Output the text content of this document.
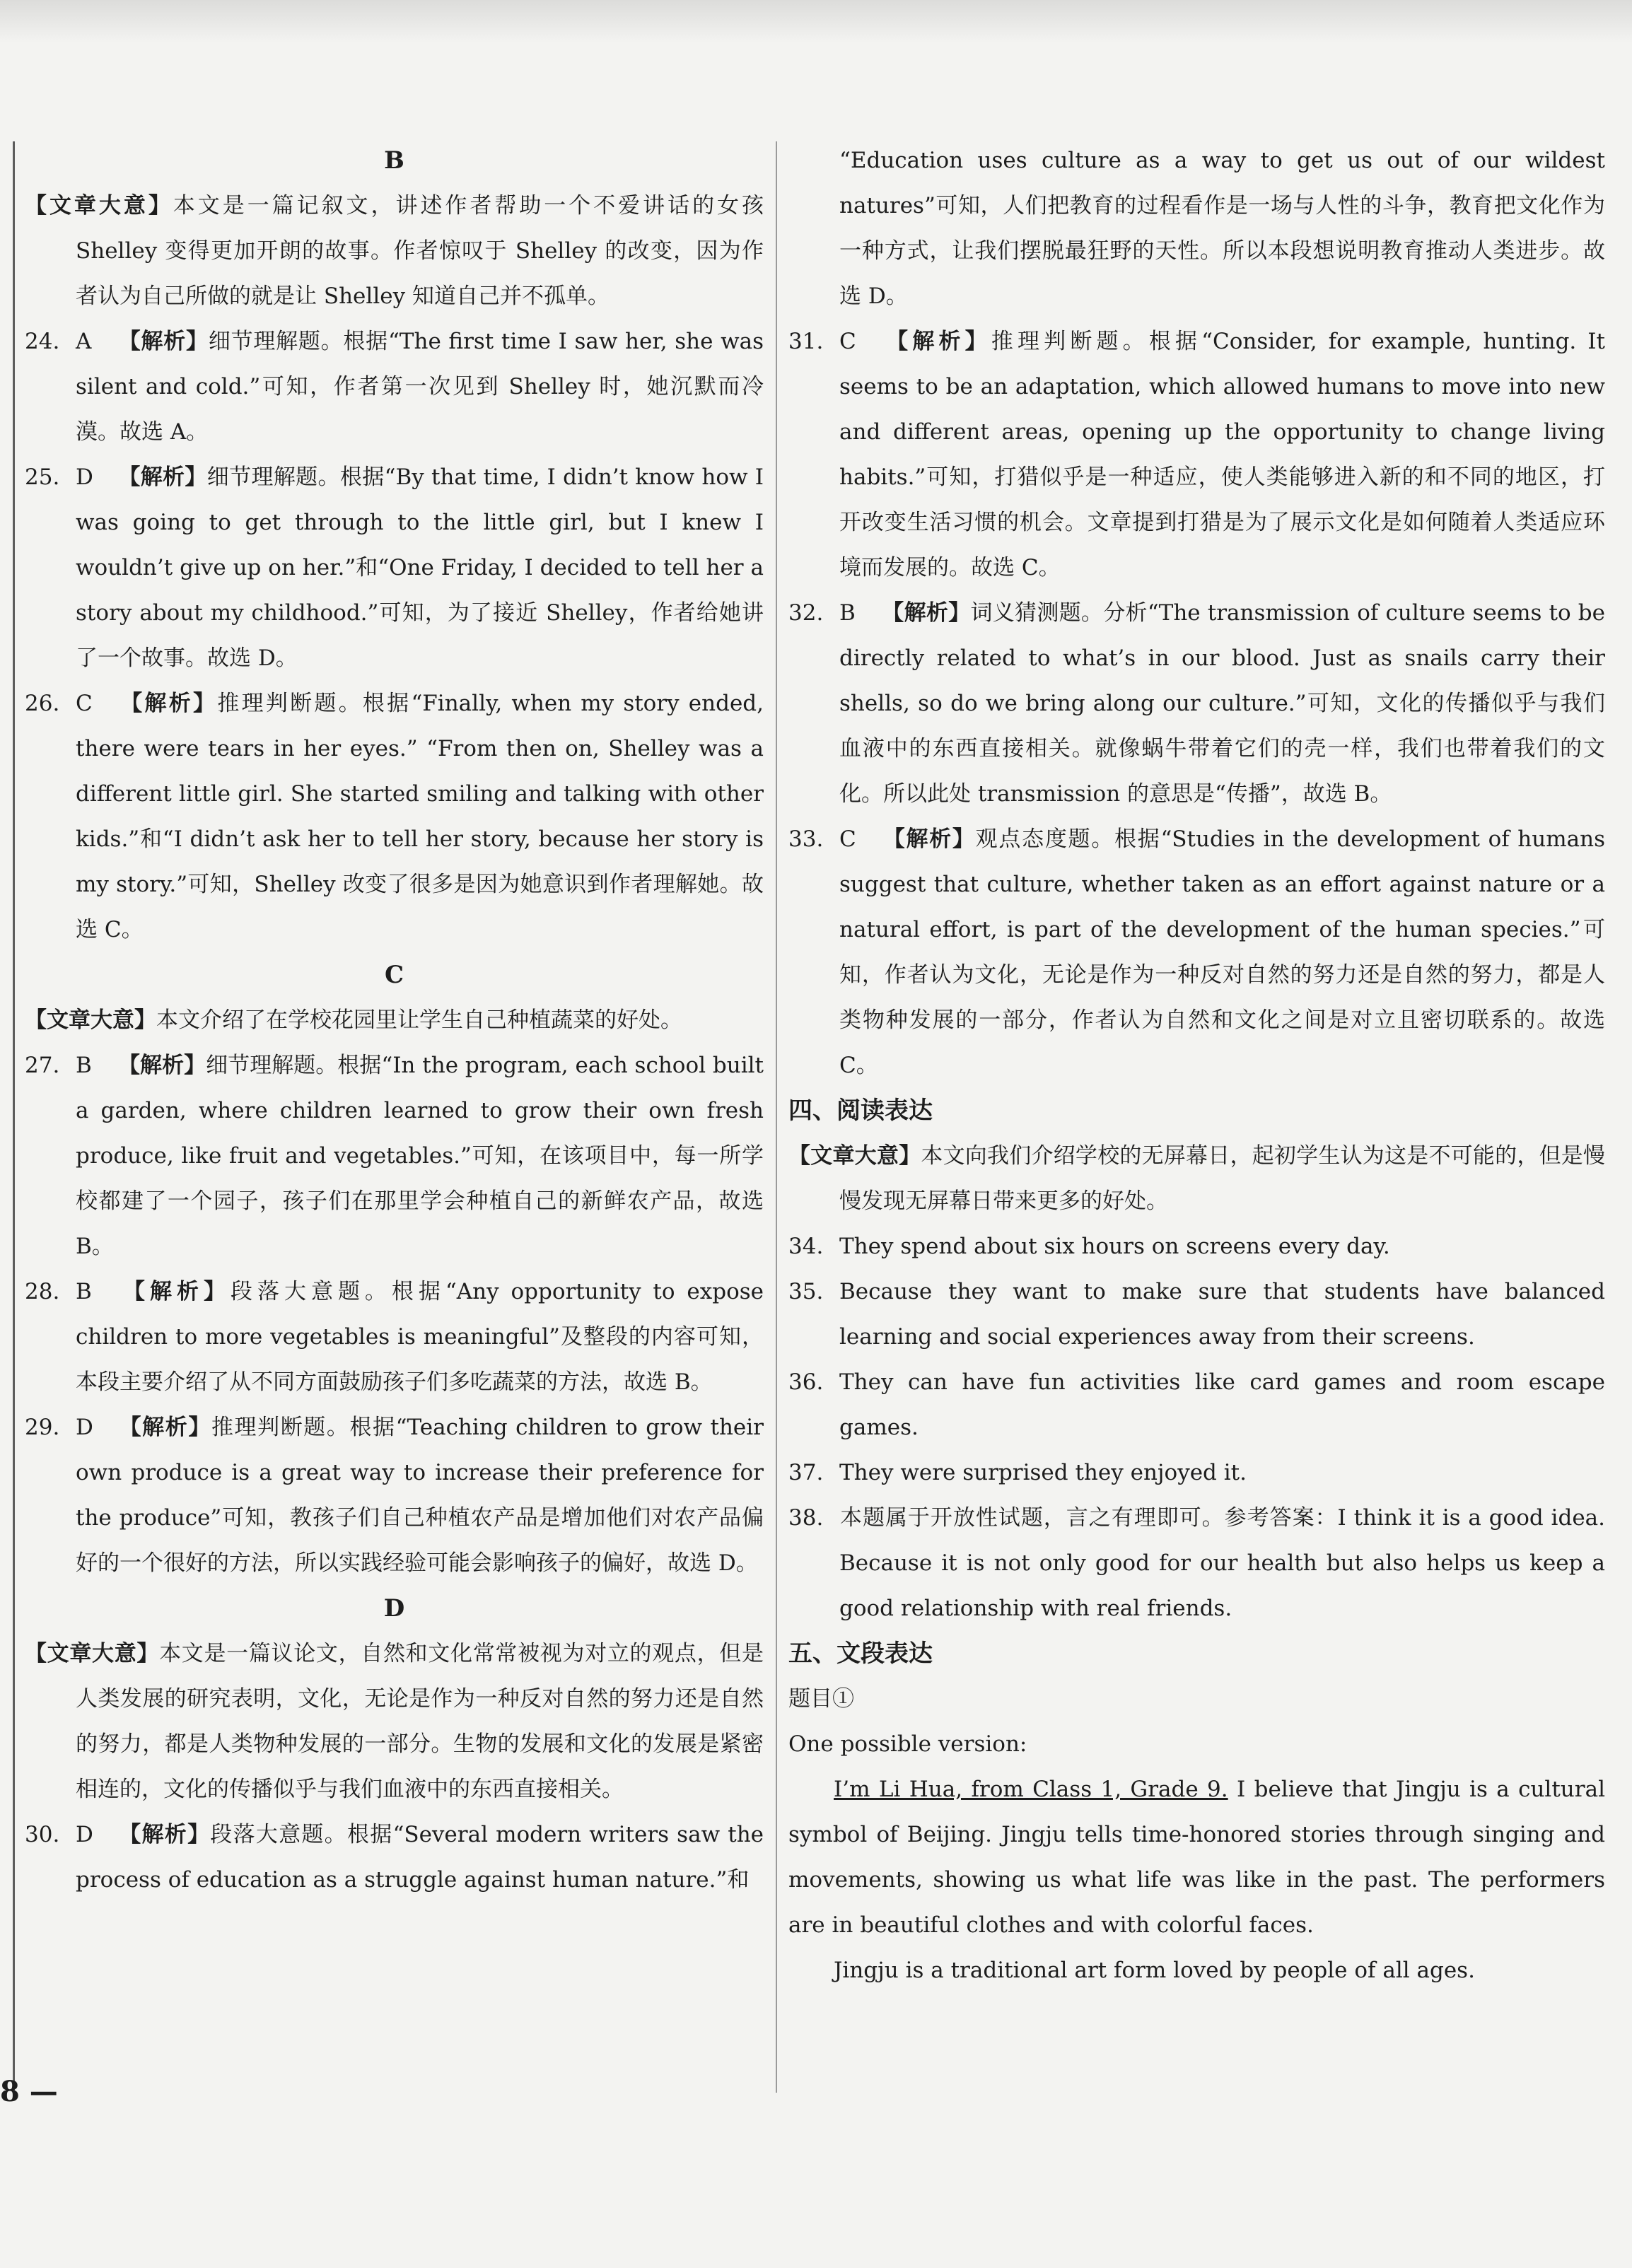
B
【文章大意】本文是一篇记叙文，讲述作者帮助一个不爱讲话的女孩 Shelley 变得更加开朗的故事。作者惊叹于 Shelley 的改变，因为作者认为自己所做的就是让 Shelley 知道自己并不孤单。
24. A 【解析】细节理解题。根据“The first time I saw her, she was silent and cold.”可知，作者第一次见到 Shelley 时，她沉默而冷漠。故选 A。
25. D 【解析】细节理解题。根据“By that time, I didn’t know how I was going to get through to the little girl, but I knew I wouldn’t give up on her.”和“One Friday, I decided to tell her a story about my childhood.”可知，为了接近 Shelley，作者给她讲了一个故事。故选 D。
26. C 【解析】推理判断题。根据“Finally, when my story ended, there were tears in her eyes.” “From then on, Shelley was a different little girl. She started smiling and talking with other kids.”和“I didn’t ask her to tell her story, because her story is my story.”可知，Shelley 改变了很多是因为她意识到作者理解她。故选 C。
C
【文章大意】本文介绍了在学校花园里让学生自己种植蔬菜的好处。
27. B 【解析】细节理解题。根据“In the program, each school built a garden, where children learned to grow their own fresh produce, like fruit and vegetables.”可知，在该项目中，每一所学校都建了一个园子，孩子们在那里学会种植自己的新鲜农产品，故选 B。
28. B 【解析】段落大意题。根据“Any opportunity to expose children to more vegetables is meaningful”及整段的内容可知，本段主要介绍了从不同方面鼓励孩子们多吃蔬菜的方法，故选 B。
29. D 【解析】推理判断题。根据“Teaching children to grow their own produce is a great way to increase their preference for the produce”可知，教孩子们自己种植农产品是增加他们对农产品偏好的一个很好的方法，所以实践经验可能会影响孩子的偏好，故选 D。
D
【文章大意】本文是一篇议论文，自然和文化常常被视为对立的观点，但是人类发展的研究表明，文化，无论是作为一种反对自然的努力还是自然的努力，都是人类物种发展的一部分。生物的发展和文化的发展是紧密相连的，文化的传播似乎与我们血液中的东西直接相关。
30. D 【解析】段落大意题。根据“Several modern writers saw the process of education as a struggle against human nature.”和
8 —
“Education uses culture as a way to get us out of our wildest natures”可知，人们把教育的过程看作是一场与人性的斗争，教育把文化作为一种方式，让我们摆脱最狂野的天性。所以本段想说明教育推动人类进步。故选 D。
31. C 【解析】推理判断题。根据“Consider, for example, hunting. It seems to be an adaptation, which allowed humans to move into new and different areas, opening up the opportunity to change living habits.”可知，打猎似乎是一种适应，使人类能够进入新的和不同的地区，打开改变生活习惯的机会。文章提到打猎是为了展示文化是如何随着人类适应环境而发展的。故选 C。
32. B 【解析】词义猜测题。分析“The transmission of culture seems to be directly related to what’s in our blood. Just as snails carry their shells, so do we bring along our culture.”可知，文化的传播似乎与我们血液中的东西直接相关。就像蜗牛带着它们的壳一样，我们也带着我们的文化。所以此处 transmission 的意思是“传播”，故选 B。
33. C 【解析】观点态度题。根据“Studies in the development of humans suggest that culture, whether taken as an effort against nature or a natural effort, is part of the development of the human species.”可知，作者认为文化，无论是作为一种反对自然的努力还是自然的努力，都是人类物种发展的一部分，作者认为自然和文化之间是对立且密切联系的。故选 C。
四、阅读表达
【文章大意】本文向我们介绍学校的无屏幕日，起初学生认为这是不可能的，但是慢慢发现无屏幕日带来更多的好处。
34. They spend about six hours on screens every day.
35. Because they want to make sure that students have balanced learning and social experiences away from their screens.
36. They can have fun activities like card games and room escape games.
37. They were surprised they enjoyed it.
38. 本题属于开放性试题，言之有理即可。参考答案：I think it is a good idea. Because it is not only good for our health but also helps us keep a good relationship with real friends.
五、文段表达
题目①
One possible version:
I’m Li Hua, from Class 1, Grade 9. I believe that Jingju is a cultural symbol of Beijing. Jingju tells time-honored stories through singing and movements, showing us what life was like in the past. The performers are in beautiful clothes and with colorful faces.
Jingju is a traditional art form loved by people of all ages.
